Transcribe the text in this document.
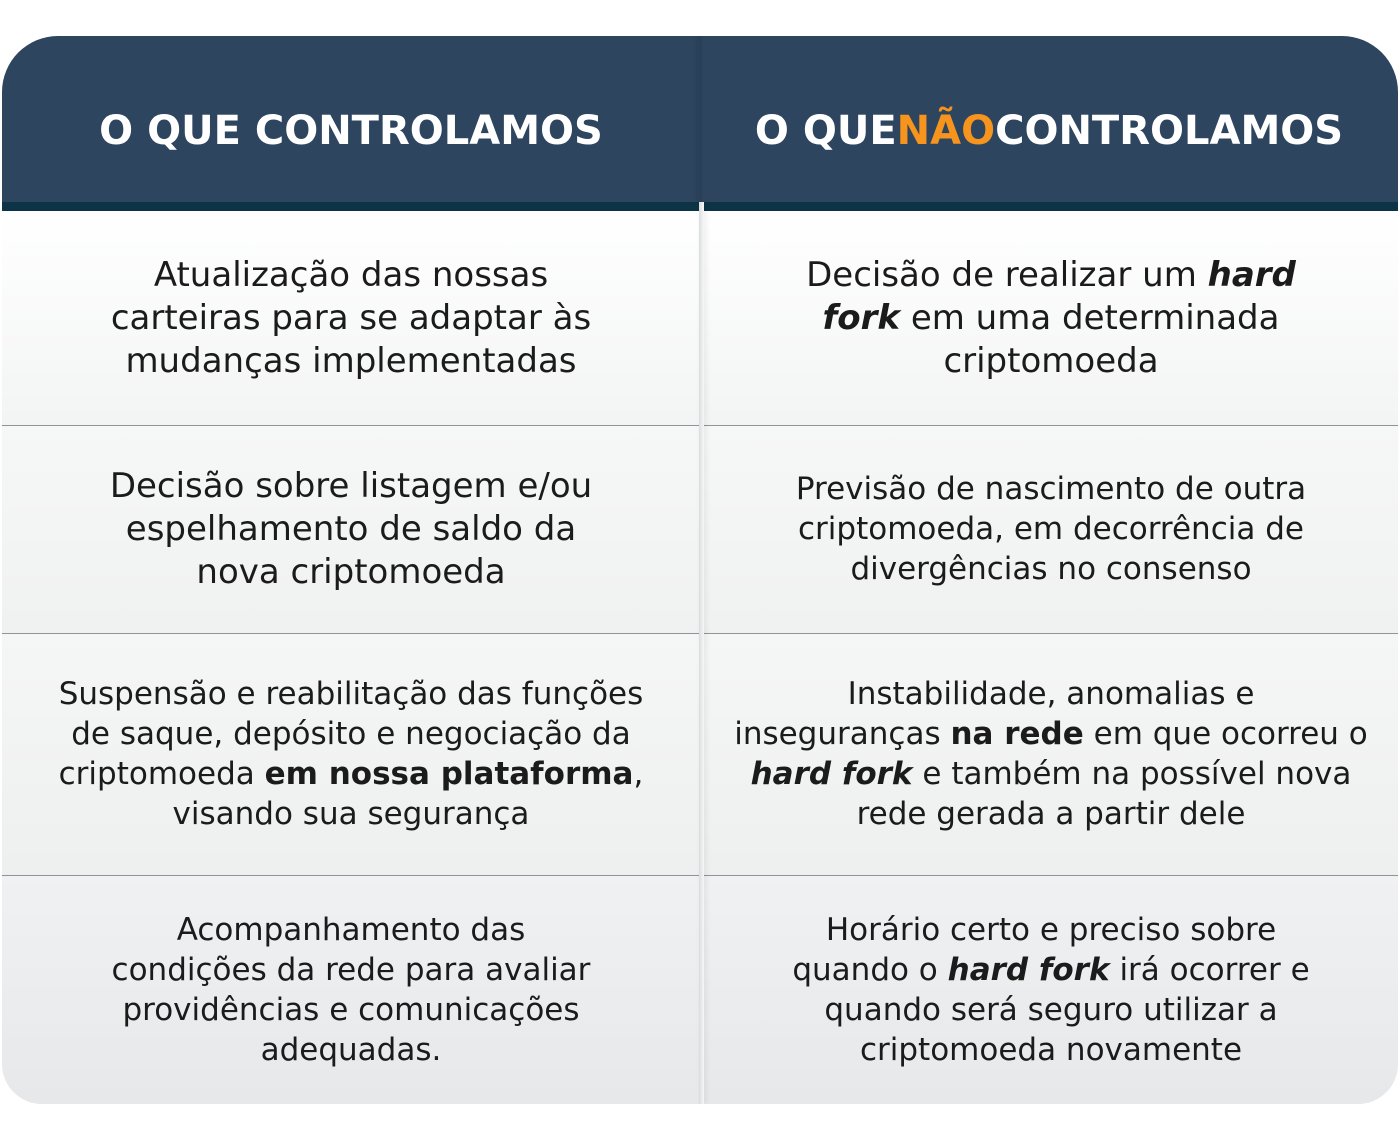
O QUE CONTROLAMOS	O QUE NÃO CONTROLAMOS

Atualização das nossas
carteiras para se adaptar às
mudanças implementadas

Decisão de realizar um hard
fork em uma determinada
criptomoeda

Decisão sobre listagem e/ou
espelhamento de saldo da
nova criptomoeda

Previsão de nascimento de outra
criptomoeda, em decorrência de
divergências no consenso

Suspensão e reabilitação das funções
de saque, depósito e negociação da
criptomoeda em nossa plataforma,
visando sua segurança

Instabilidade, anomalias e
inseguranças na rede em que ocorreu o
hard fork e também na possível nova
rede gerada a partir dele

Acompanhamento das
condições da rede para avaliar
providências e comunicações
adequadas.

Horário certo e preciso sobre
quando o hard fork irá ocorrer e
quando será seguro utilizar a
criptomoeda novamente
